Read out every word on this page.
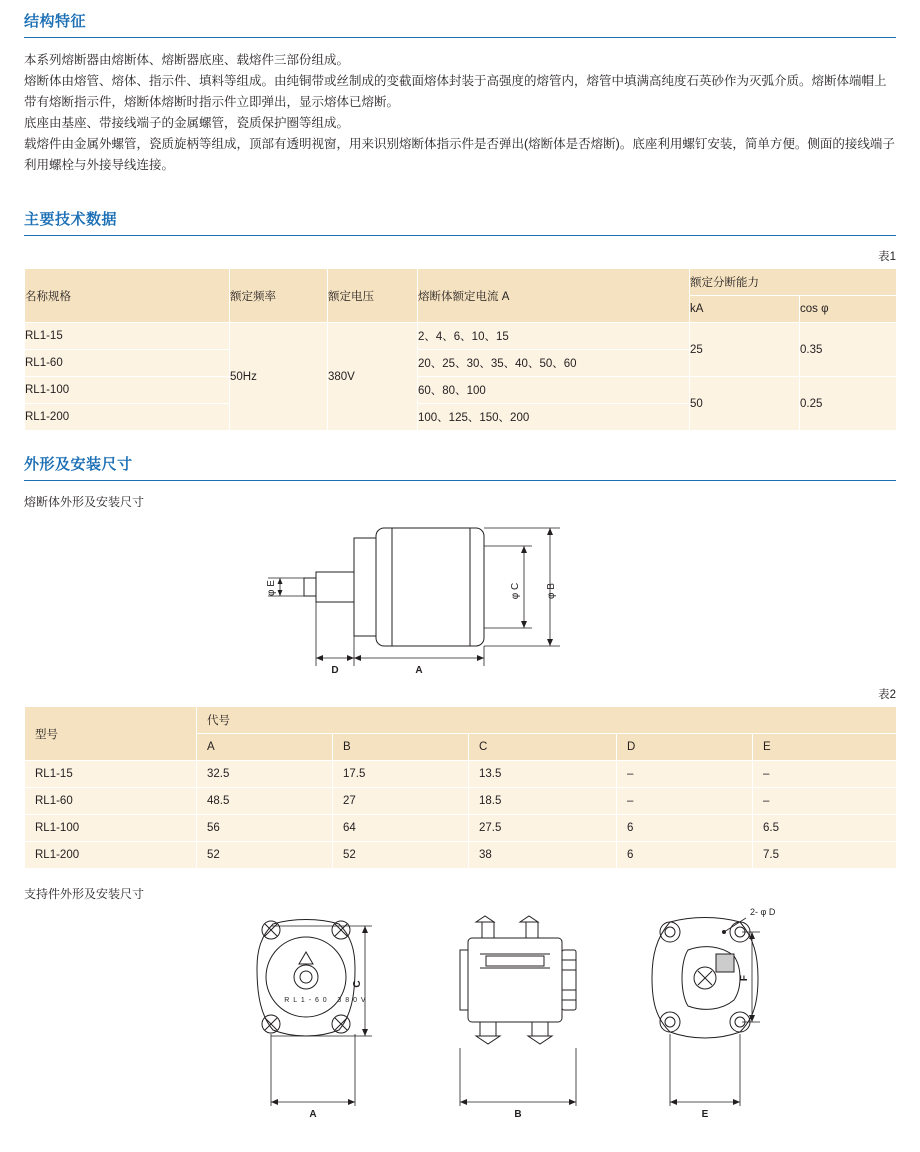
结构特征

本系列熔断器由熔断体、熔断器底座、载熔件三部份组成。

熔断体由熔管、熔体、指示件、填料等组成。由纯铜带或丝制成的变截面熔体封装于高强度的熔管内，熔管中填满高纯度石英砂作为灭弧介质。熔断体端帽上带有熔断指示件，熔断体熔断时指示件立即弹出，显示熔体已熔断。

底座由基座、带接线端子的金属螺管，瓷质保护圈等组成。

载熔件由金属外螺管，瓷质旋柄等组成，顶部有透明视窗，用来识别熔断体指示件是否弹出(熔断体是否熔断)。底座利用螺钉安装，简单方便。侧面的接线端子利用螺栓与外接导线连接。

主要技术数据
表1
名称规格	额定频率	额定电压	熔断体额定电流 A	额定分断能力	
				kA	cos φ
RL1-15	50Hz	380V	2、4、6、10、15	25	0.35
RL1-60			20、25、30、35、40、50、60		
RL1-100			60、80、100	50	0.25
RL1-200			100、125、150、200		
外形及安装尺寸
熔断体外形及安装尺寸
φ B
φ C
φ E
D	A
表2
型号	代号				
	A	B	C	D	E
RL1-15	32.5	17.5	13.5	–	–
RL1-60	48.5	27	18.5	–	–
RL1-100	56	64	27.5	6	6.5
RL1-200	52	52	38	6	7.5
支持件外形及安装尺寸
C
A	B	E
F
2- φ D
R L 1 - 6 0 3 8 0 V
